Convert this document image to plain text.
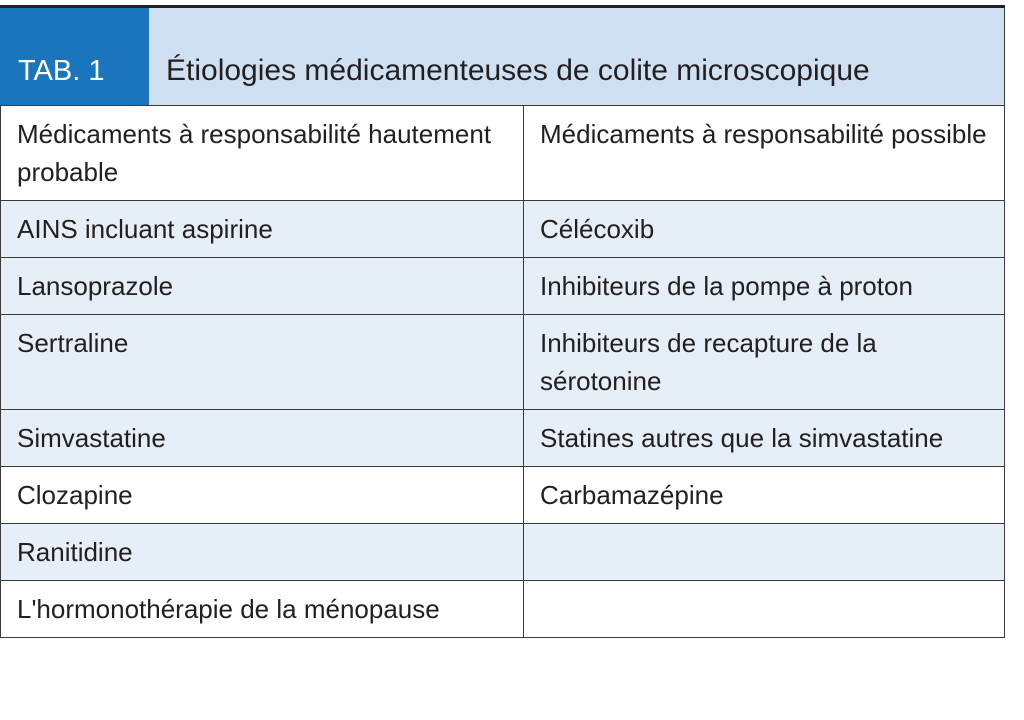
TAB. 1	Étiologies médicamenteuses de colite microscopique
Médicaments à responsabilité hautement probable	Médicaments à responsabilité possible
AINS incluant aspirine	Célécoxib
Lansoprazole	Inhibiteurs de la pompe à proton
Sertraline	Inhibiteurs de recapture de la sérotonine
Simvastatine	Statines autres que la simvastatine
Clozapine	Carbamazépine
Ranitidine	
L'hormonothérapie de la ménopause	
